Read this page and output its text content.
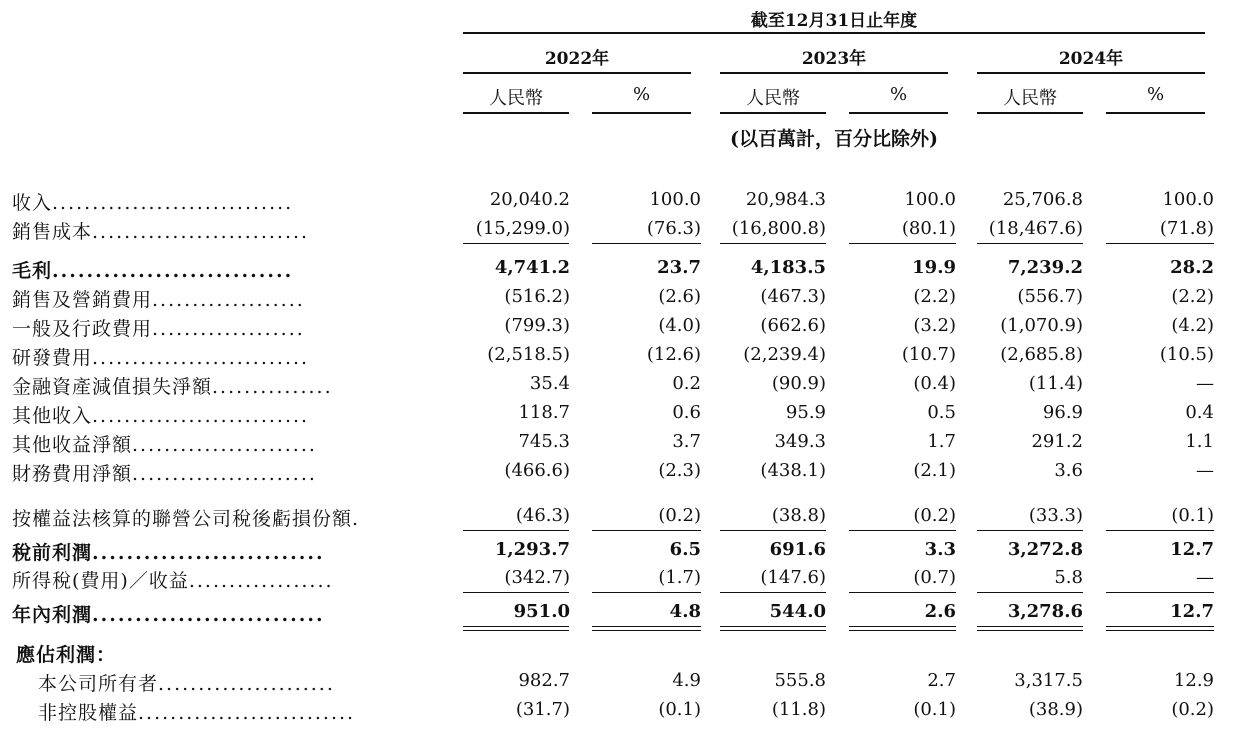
截至12月31日止年度
2022年	2023年	2024年
人民幣	%	人民幣	%	人民幣	%
(以百萬計，百分比除外)
收入..............................	20,040.2	100.0	20,984.3	100.0	25,706.8	100.0
銷售成本...........................	(15,299.0)	(76.3)	(16,800.8)	(80.1)	(18,467.6)	(71.8)
毛利............................	4,741.2	23.7	4,183.5	19.9	7,239.2	28.2
銷售及營銷費用...................	(516.2)	(2.6)	(467.3)	(2.2)	(556.7)	(2.2)
一般及行政費用...................	(799.3)	(4.0)	(662.6)	(3.2)	(1,070.9)	(4.2)
研發費用...........................	(2,518.5)	(12.6)	(2,239.4)	(10.7)	(2,685.8)	(10.5)
金融資產減值損失淨額...............	35.4	0.2	(90.9)	(0.4)	(11.4)	—
其他收入...........................	118.7	0.6	95.9	0.5	96.9	0.4
其他收益淨額.......................	745.3	3.7	349.3	1.7	291.2	1.1
財務費用淨額.......................	(466.6)	(2.3)	(438.1)	(2.1)	3.6	—
按權益法核算的聯營公司稅後虧損份額.	(46.3)	(0.2)	(38.8)	(0.2)	(33.3)	(0.1)
稅前利潤...........................	1,293.7	6.5	691.6	3.3	3,272.8	12.7
所得稅(費用)／收益..................	(342.7)	(1.7)	(147.6)	(0.7)	5.8	—
年內利潤...........................	951.0	4.8	544.0	2.6	3,278.6	12.7
應佔利潤：
本公司所有者......................	982.7	4.9	555.8	2.7	3,317.5	12.9
非控股權益...........................	(31.7)	(0.1)	(11.8)	(0.1)	(38.9)	(0.2)
